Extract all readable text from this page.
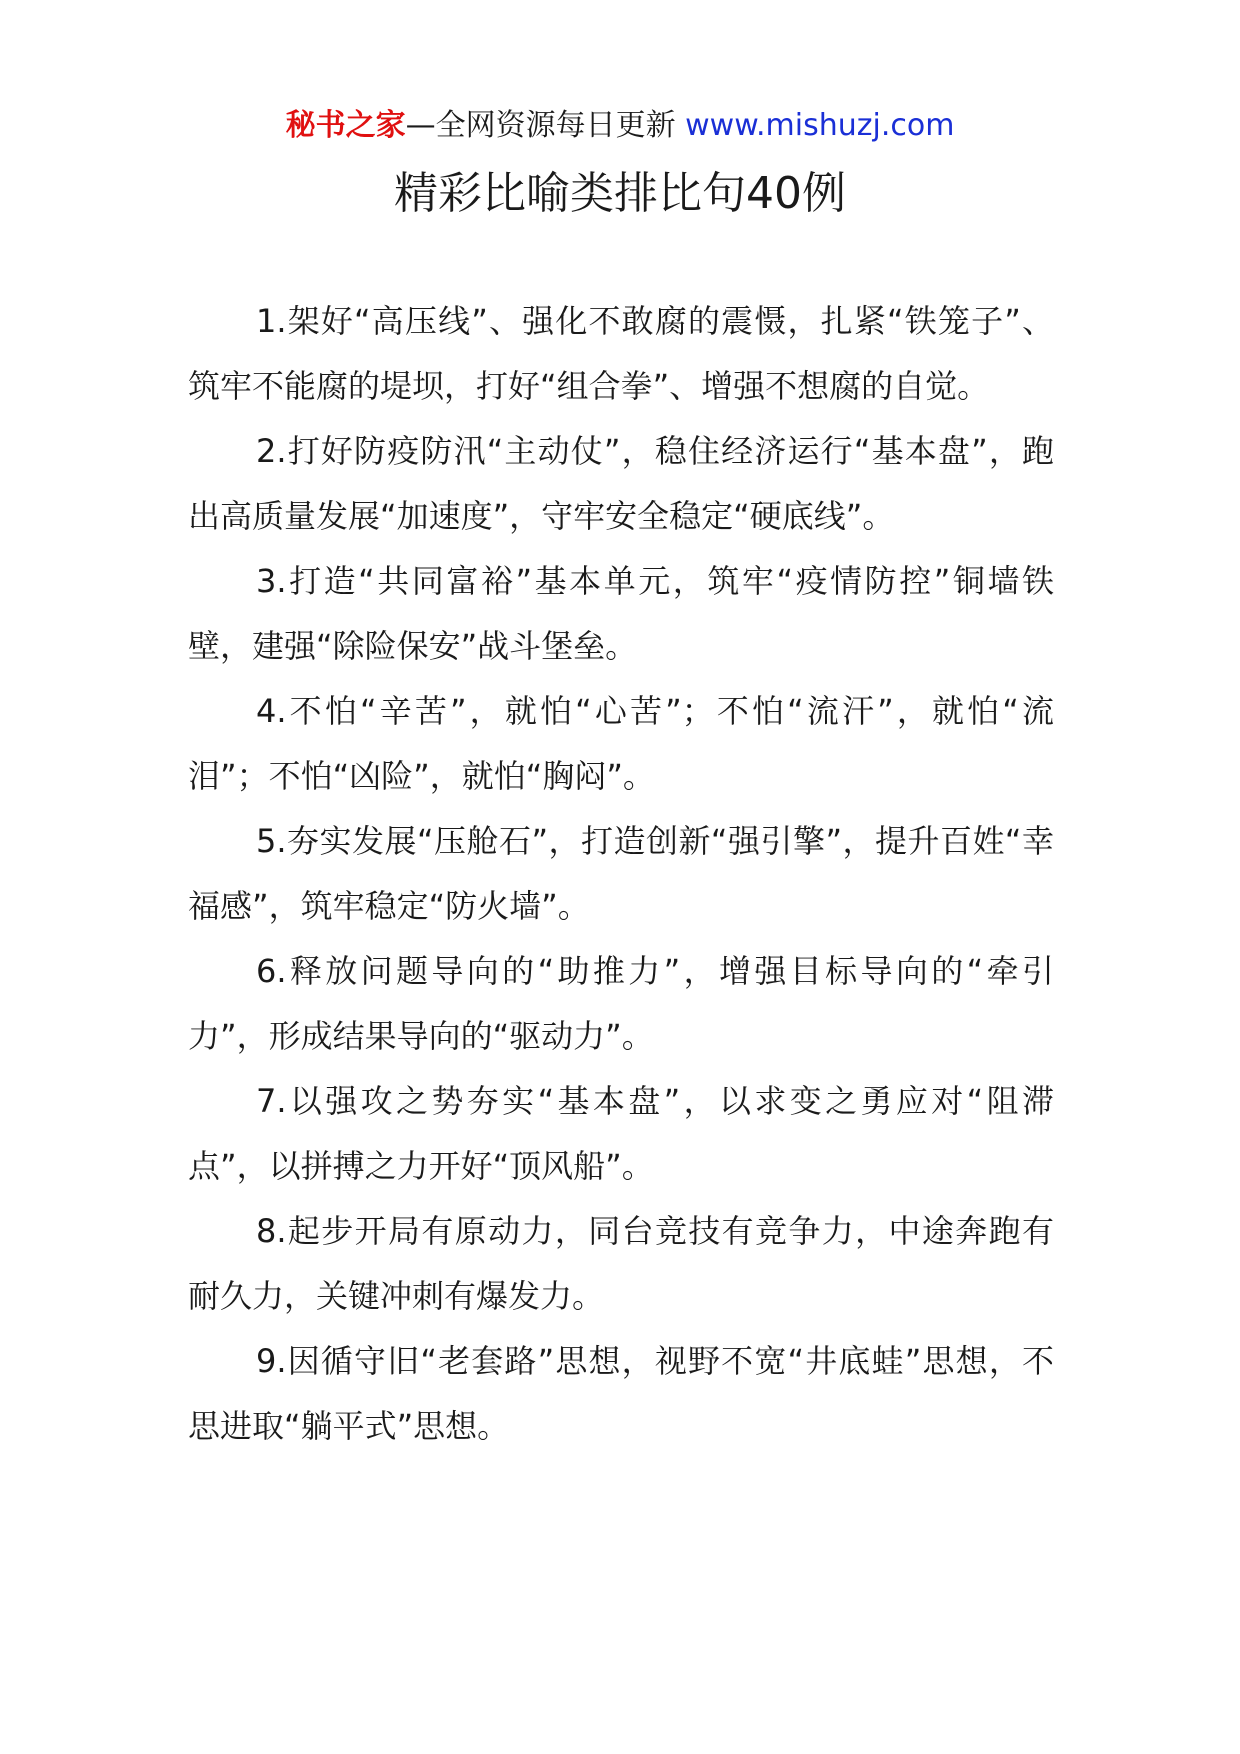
秘书之家—全网资源每日更新 www.mishuzj.com
精彩比喻类排比句40例

1.架好“高压线”、强化不敢腐的震慑，扎紧“铁笼子”、筑牢不能腐的堤坝，打好“组合拳”、增强不想腐的自觉。

2.打好防疫防汛“主动仗”，稳住经济运行“基本盘”，跑出高质量发展“加速度”，守牢安全稳定“硬底线”。

3.打造“共同富裕”基本单元，筑牢“疫情防控”铜墙铁壁，建强“除险保安”战斗堡垒。

4.不怕“辛苦”，就怕“心苦”；不怕“流汗”，就怕“流泪”；不怕“凶险”，就怕“胸闷”。

5.夯实发展“压舱石”，打造创新“强引擎”，提升百姓“幸福感”，筑牢稳定“防火墙”。

6.释放问题导向的“助推力”，增强目标导向的“牵引力”，形成结果导向的“驱动力”。

7.以强攻之势夯实“基本盘”，以求变之勇应对“阻滞点”，以拼搏之力开好“顶风船”。

8.起步开局有原动力，同台竞技有竞争力，中途奔跑有耐久力，关键冲刺有爆发力。

9.因循守旧“老套路”思想，视野不宽“井底蛙”思想，不思进取“躺平式”思想。
